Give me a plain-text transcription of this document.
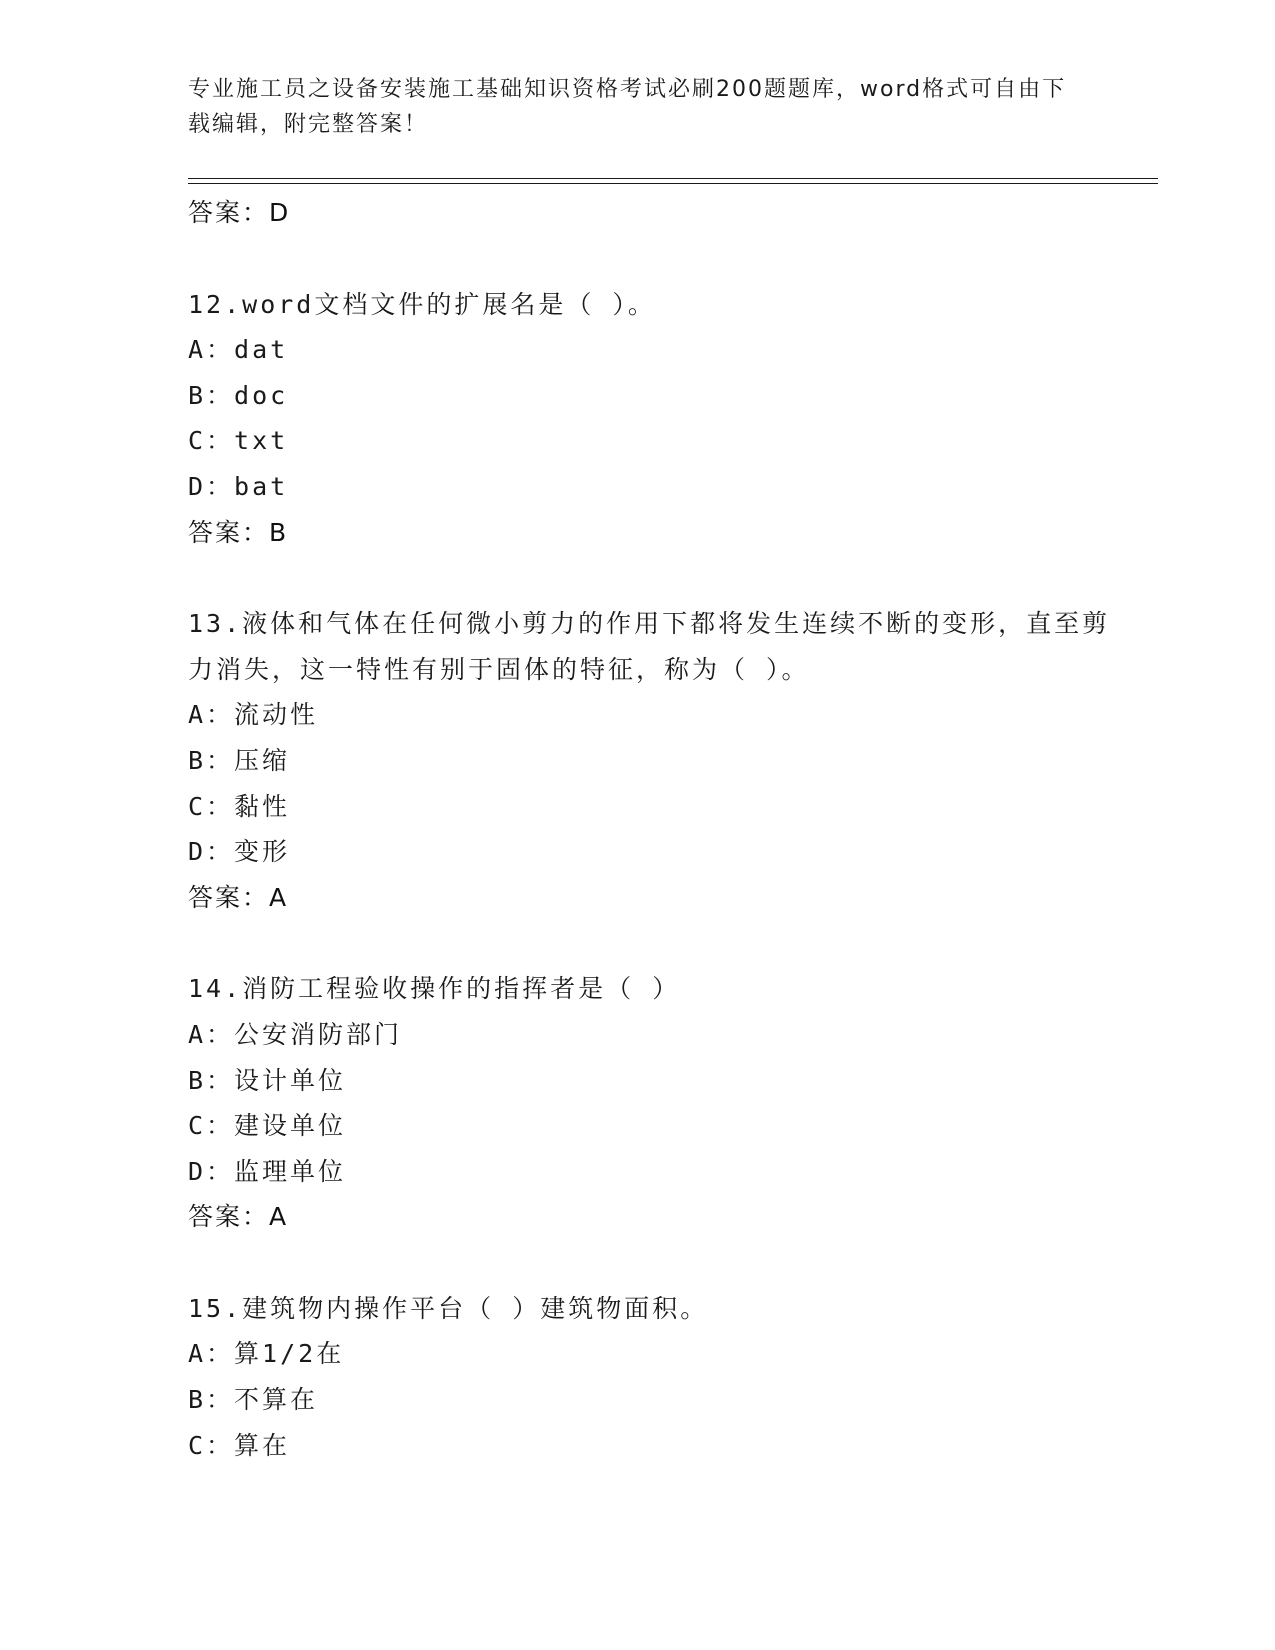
专业施工员之设备安装施工基础知识资格考试必刷200题题库，word格式可自由下载编辑，附完整答案！
答案：D
12.word文档文件的扩展名是（ ）。
A：dat
B：doc
C：txt
D：bat
答案：B
13.液体和气体在任何微小剪力的作用下都将发生连续不断的变形，直至剪力消失，这一特性有别于固体的特征，称为（ ）。
A：流动性
B：压缩
C：黏性
D：变形
答案：A
14.消防工程验收操作的指挥者是（ ）
A：公安消防部门
B：设计单位
C：建设单位
D：监理单位
答案：A
15.建筑物内操作平台（ ）建筑物面积。
A：算1/2在
B：不算在
C：算在
